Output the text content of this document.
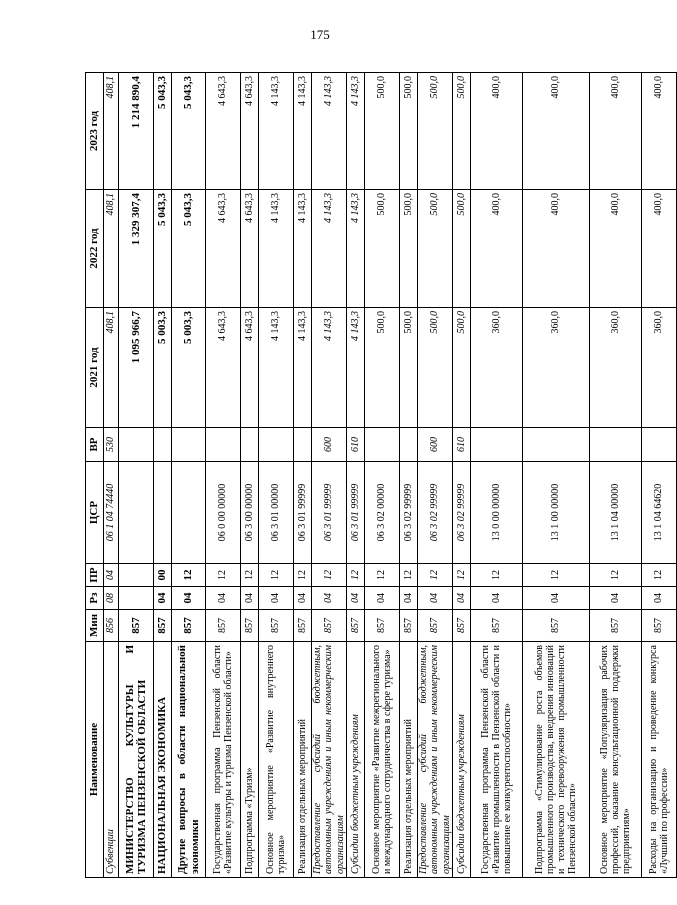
175
Наименование	Мин	Рз	ПР	ЦСР	ВР	2021 год	2022 год	2023 год
Субвенции	856	08	04	06 1 04 74440	530	408,1	408,1	408,1
МИНИСТЕРСТВО КУЛЬТУРЫ И ТУРИЗМА ПЕНЗЕНСКОЙ ОБЛАСТИ	857					1 095 966,7	1 329 307,4	1 214 890,4
НАЦИОНАЛЬНАЯ ЭКОНОМИКА	857	04	00			5 003,3	5 043,3	5 043,3
Другие вопросы в области национальной экономики	857	04	12			5 003,3	5 043,3	5 043,3
Государственная программа Пензенской области «Развитие культуры и туризма Пензенской области»	857	04	12	06 0 00 00000		4 643,3	4 643,3	4 643,3
Подпрограмма «Туризм»	857	04	12	06 3 00 00000		4 643,3	4 643,3	4 643,3
Основное мероприятие «Развитие внутреннего туризма»	857	04	12	06 3 01 00000		4 143,3	4 143,3	4 143,3
Реализация отдельных мероприятий	857	04	12	06 3 01 99999		4 143,3	4 143,3	4 143,3
Предоставление субсидий бюджетным, автономным учреждениям и иным некоммерческим организациям	857	04	12	06 3 01 99999	600	4 143,3	4 143,3	4 143,3
Субсидии бюджетным учреждениям	857	04	12	06 3 01 99999	610	4 143,3	4 143,3	4 143,3
Основное мероприятие «Развитие межрегионального и международного сотрудничества в сфере туризма»	857	04	12	06 3 02 00000		500,0	500,0	500,0
Реализация отдельных мероприятий	857	04	12	06 3 02 99999		500,0	500,0	500,0
Предоставление субсидий бюджетным, автономным учреждениям и иным некоммерческим организациям	857	04	12	06 3 02 99999	600	500,0	500,0	500,0
Субсидии бюджетным учреждениям	857	04	12	06 3 02 99999	610	500,0	500,0	500,0
Государственная программа Пензенской области «Развитие промышленности в Пензенской области и повышение ее конкурентоспособности»	857	04	12	13 0 00 00000		360,0	400,0	400,0
Подпрограмма «Стимулирование роста объемов промышленного производства, внедрения инноваций и технического перевооружения промышленности Пензенской области»	857	04	12	13 1 00 00000		360,0	400,0	400,0
Основное мероприятие «Популяризация рабочих профессий, оказание консультационной поддержки предприятиям»	857	04	12	13 1 04 00000		360,0	400,0	400,0
Расходы на организацию и проведение конкурса «Лучший по профессии»	857	04	12	13 1 04 64620		360,0	400,0	400,0
